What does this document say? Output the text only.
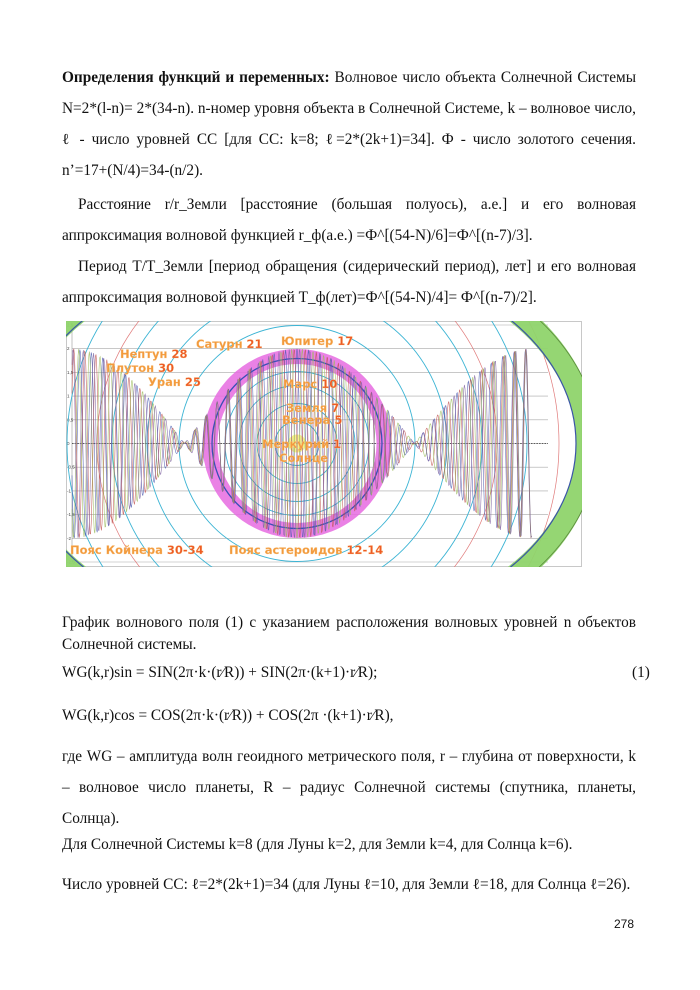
Определения функций и переменных: Волновое число объекта Солнечной Системы N=2*(l-n)= 2*(34-n). n-номер уровня объекта в Солнечной Системе, k – волновое число, ℓ - число уровней СС [для СС: k=8; ℓ=2*(2k+1)=34]. Ф - число золотого сечения. n’=17+(N/4)=34-(n/2).

Расстояние r/r_Земли [расстояние (большая полуось), а.е.] и его волновая аппроксимация волновой функцией r_ф(а.е.) =Ф^[(54-N)/6]=Ф^[(n-7)/3].

Период T/T_Земли [период обращения (сидерический период), лет] и его волновая аппроксимация волновой функцией T_ф(лет)=Ф^[(54-N)/4]= Ф^[(n-7)/2].

2,5
2
1,5
1
0,5
0
-0,5
-1
-1,5
-2
-2,5
Нептун 28
Плутон 30
Уран 25
Сатурн 21 Юпитер 17
Марс 10
Земля 7
Венера 5
Меркурий 1
Солнце
Пояс Койнера 30-34 Пояс астероидов 12-14

График волнового поля (1) с указанием расположения волновых уровней n объектов Солнечной системы.

WG(k,r)sin = SIN(2π·k·(r⁄R)) + SIN(2π·(k+1)·r⁄R);	(1)

WG(k,r)cos = COS(2π·k·(r⁄R)) + COS(2π ·(k+1)·r⁄R),

где WG – амплитуда волн геоидного метрического поля, r – глубина от поверхности, k – волновое число планеты, R – радиус Солнечной системы (спутника, планеты, Солнца).

Для Солнечной Системы k=8 (для Луны k=2, для Земли k=4, для Солнца k=6).

Число уровней СС: ℓ=2*(2k+1)=34 (для Луны ℓ=10, для Земли ℓ=18, для Солнца ℓ=26).

278
